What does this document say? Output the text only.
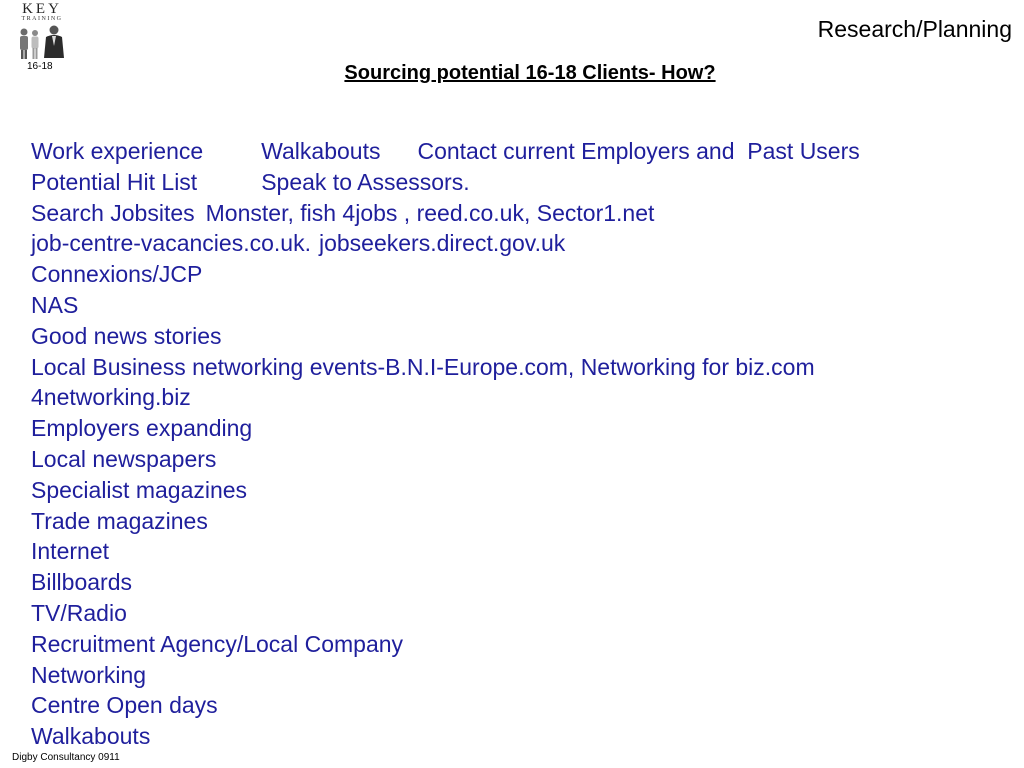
KEY
TRAINING
16-18
Research/Planning
Sourcing potential 16-18 Clients- How?
Work experience	Walkabouts Contact current Employers and  Past Users
Potential Hit List	Speak to Assessors.
Search Jobsites Monster, fish 4jobs , reed.co.uk, Sector1.net
job-centre-vacancies.co.uk. jobseekers.direct.gov.uk
Connexions/JCP
NAS
Good news stories
Local Business networking events-B.N.I-Europe.com, Networking for biz.com
4networking.biz
Employers expanding
Local newspapers
Specialist magazines
Trade magazines
Internet
Billboards
TV/Radio
Recruitment Agency/Local Company
Networking
Centre Open days
Walkabouts
Digby Consultancy 0911
